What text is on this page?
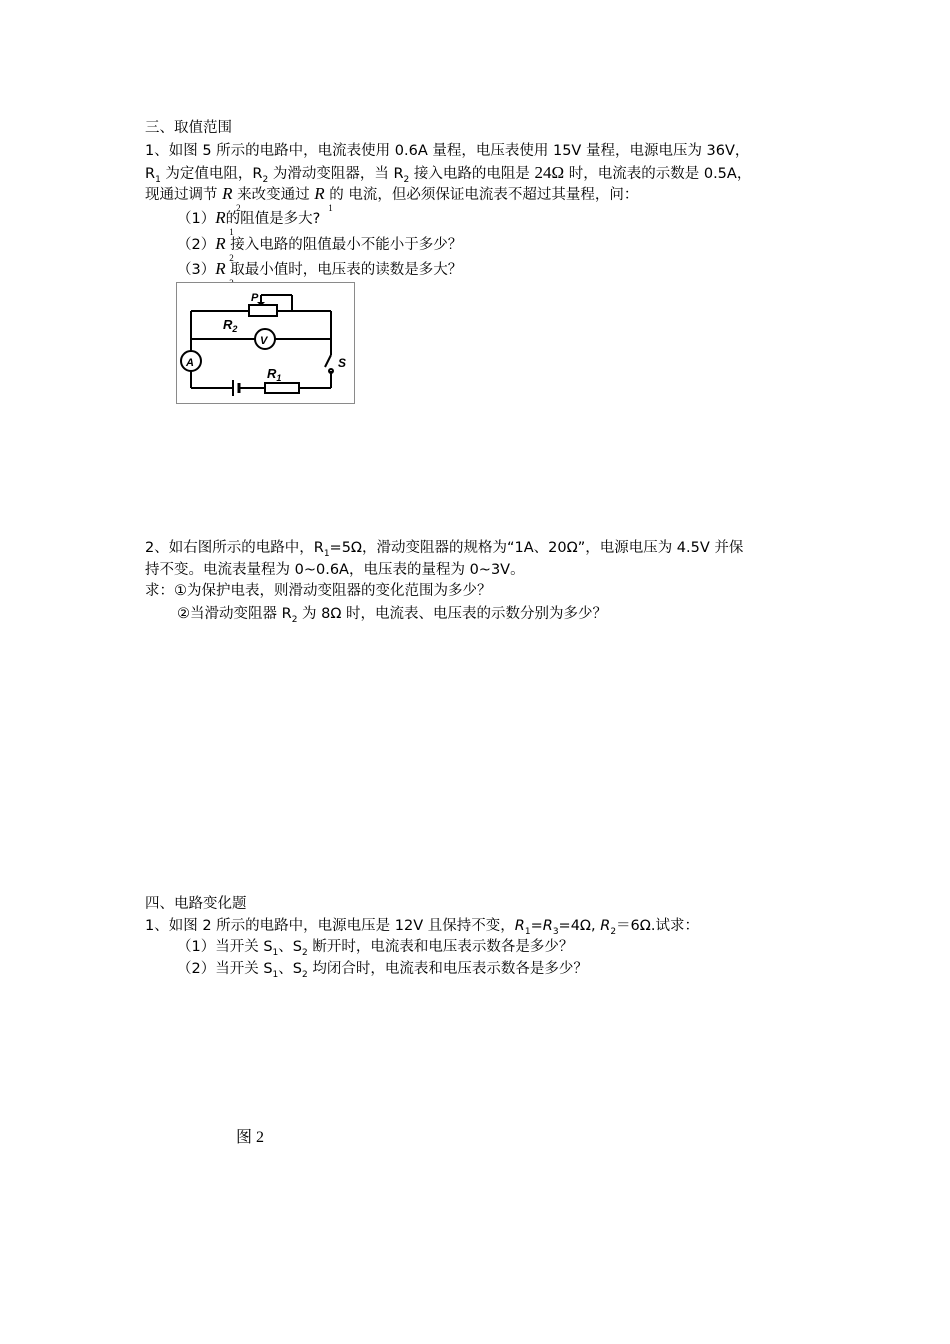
三、取值范围
1、如图 5 所示的电路中，电流表使用 0.6A 量程，电压表使用 15V 量程，电源电压为 36V，
$R_1$ 为定值电阻，$R_2$ 为滑动变阻器，当 $R_2$ 接入电路的电阻是 24Ω 时，电流表的示数是 0.5A，
现通过调节 R
2
来改变通过 R
1
的 电流，但必须保证电流表不超过其量程，问：
（1）R
1
的阻值是多大?
（2）R
2
接入电路的阻值最小不能小于多少？
（3）R
取最小值时，电压表的读数是多大？
P
$R_2$
V
A	S
$R_1$
2、如右图所示的电路中，$R_1=5\Omega$，滑动变阻器的规格为“1A、20Ω”，电源电压为 4.5V 并保
持不变。电流表量程为 0~0.6A，电压表的量程为 0~3V。
求：①为保护电表，则滑动变阻器的变化范围为多少？
②当滑动变阻器 $R_2$ 为 8Ω 时，电流表、电压表的示数分别为多少？
四、电路变化题
1、如图 2 所示的电路中，电源电压是 12V 且保持不变，$R_1=R_3=4\Omega$, $R_2=6\Omega$.试求：
（1）当开关 $S_1$、$S_2$ 断开时，电流表和电压表示数各是多少？
（2）当开关 $S_1$、$S_2$ 均闭合时，电流表和电压表示数各是多少？
图 2
